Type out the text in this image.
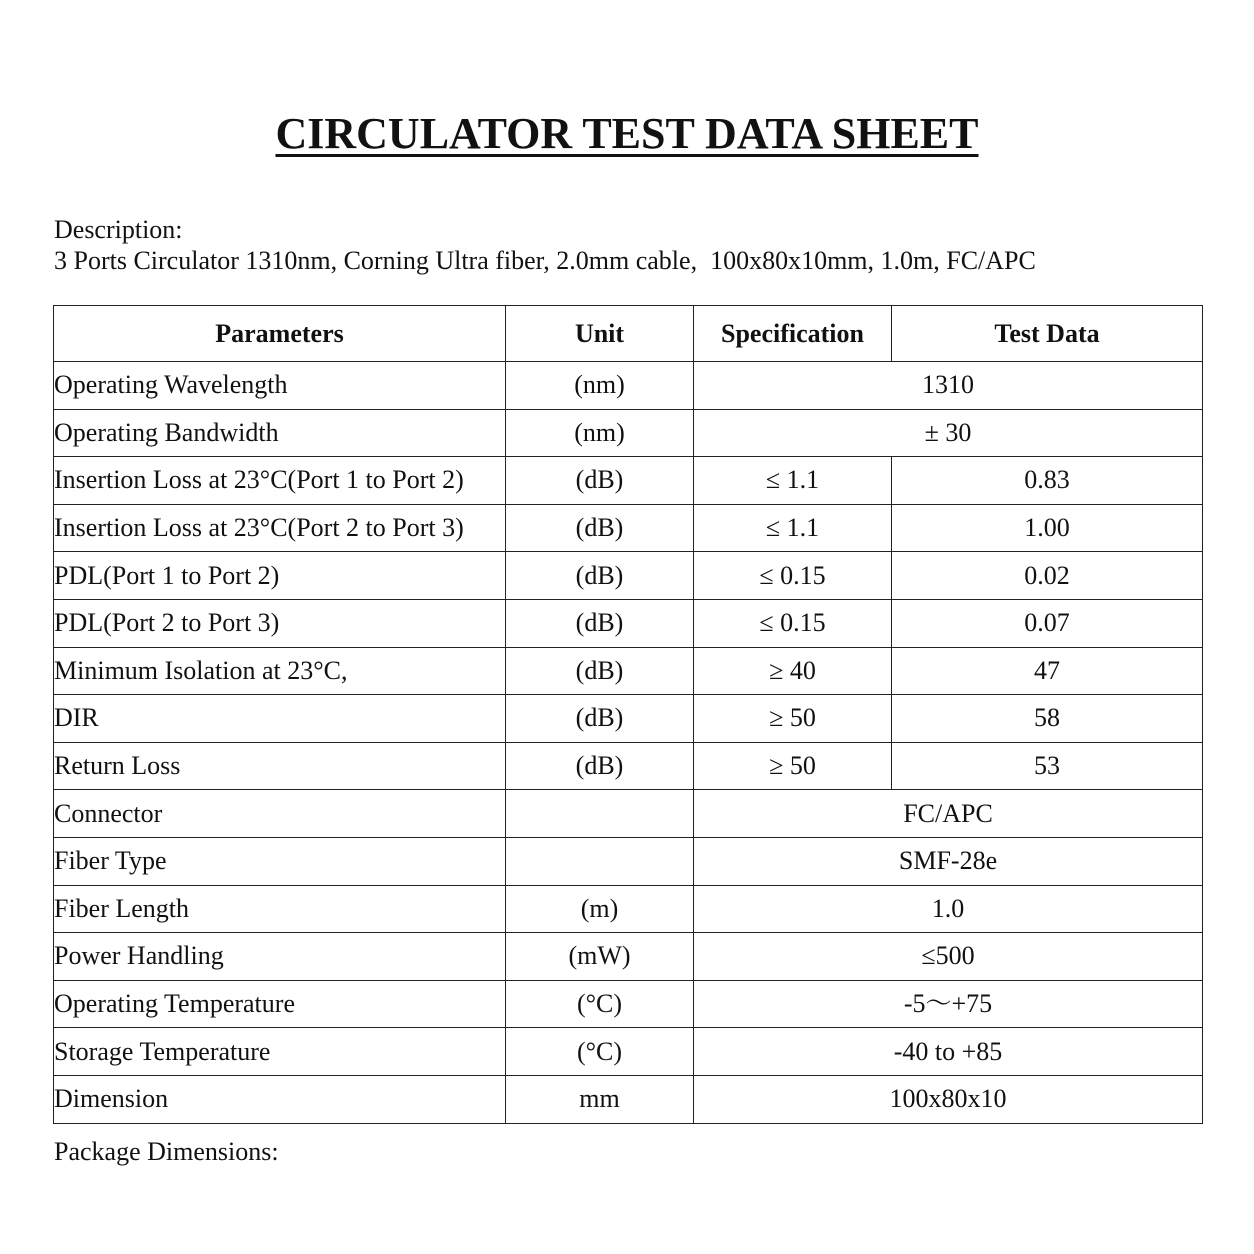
CIRCULATOR TEST DATA SHEET
Description:
3 Ports Circulator 1310nm, Corning Ultra fiber, 2.0mm cable,  100x80x10mm, 1.0m, FC/APC
Parameters	Unit	Specification	Test Data
Operating Wavelength	(nm)	1310	
Operating Bandwidth	(nm)	± 30	
Insertion Loss at 23°C(Port 1 to Port 2)	(dB)	≤ 1.1	0.83
Insertion Loss at 23°C(Port 2 to Port 3)	(dB)	≤ 1.1	1.00
PDL(Port 1 to Port 2)	(dB)	≤ 0.15	0.02
PDL(Port 2 to Port 3)	(dB)	≤ 0.15	0.07
Minimum Isolation at 23°C,	(dB)	≥ 40	47
DIR	(dB)	≥ 50	58
Return Loss	(dB)	≥ 50	53
Connector		FC/APC	
Fiber Type		SMF-28e	
Fiber Length	(m)	1.0	
Power Handling	(mW)	≤500	
Operating Temperature	(°C)	-5～+75	
Storage Temperature	(°C)	-40 to +85	
Dimension	mm	100x80x10	
Package Dimensions:
